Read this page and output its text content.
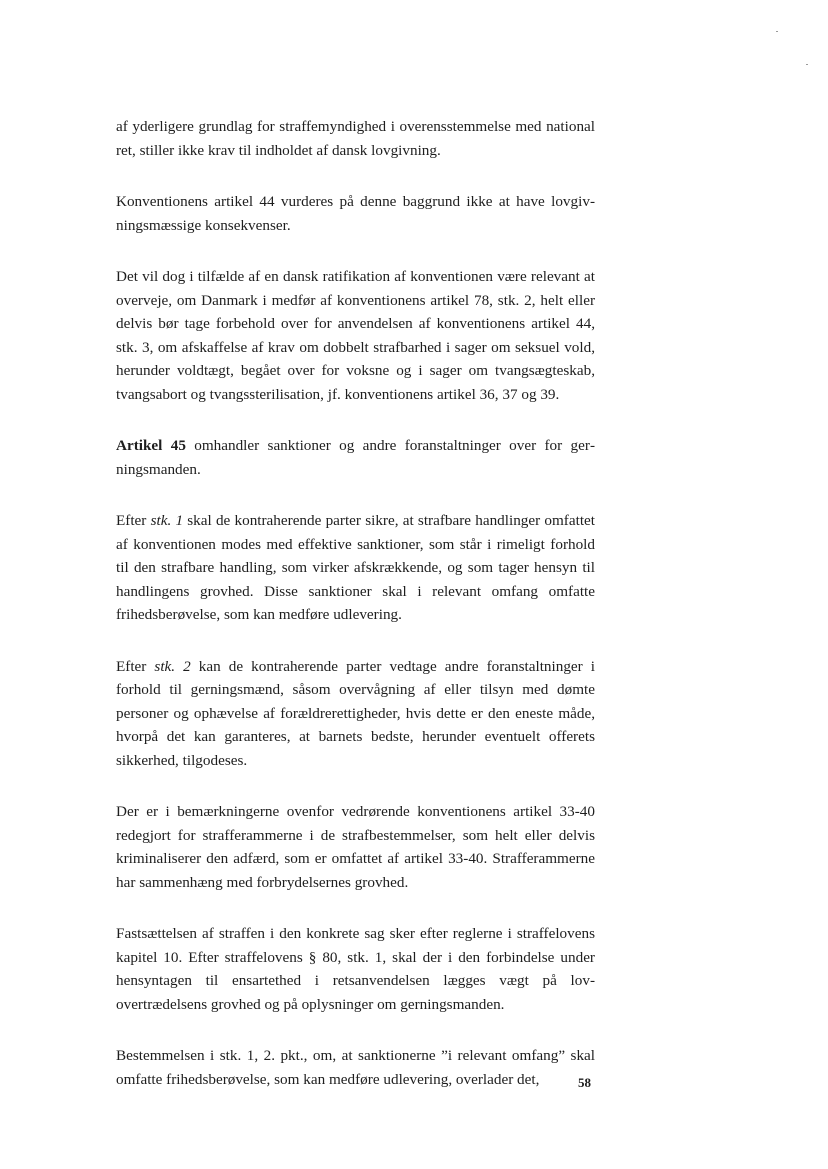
af yderligere grundlag for straffemyndighed i overensstemmelse med national ret, stiller ikke krav til indholdet af dansk lovgivning.

Konventionens artikel 44 vurderes på denne baggrund ikke at have lovgivningsmæssige konsekvenser.

Det vil dog i tilfælde af en dansk ratifikation af konventionen være relevant at overveje, om Danmark i medfør af konventionens artikel 78, stk. 2, helt eller delvis bør tage forbehold over for anvendelsen af konventionens artikel 44, stk. 3, om afskaffelse af krav om dobbelt strafbarhed i sager om seksuel vold, herunder voldtægt, begået over for voksne og i sager om tvangsægteskab, tvangsabort og tvangssterilisation, jf. konventionens artikel 36, 37 og 39.

Artikel 45 omhandler sanktioner og andre foranstaltninger over for gerningsmanden.

Efter stk. 1 skal de kontraherende parter sikre, at strafbare handlinger omfattet af konventionen modes med effektive sanktioner, som står i rimeligt forhold til den strafbare handling, som virker afskrækkende, og som tager hensyn til handlingens grovhed. Disse sanktioner skal i relevant omfang omfatte frihedsberøvelse, som kan medføre udlevering.

Efter stk. 2 kan de kontraherende parter vedtage andre foranstaltninger i forhold til gerningsmænd, såsom overvågning af eller tilsyn med dømte personer og ophævelse af forældrerettigheder, hvis dette er den eneste måde, hvorpå det kan garanteres, at barnets bedste, herunder eventuelt offerets sikkerhed, tilgodeses.

Der er i bemærkningerne ovenfor vedrørende konventionens artikel 33-40 redegjort for strafferammerne i de strafbestemmelser, som helt eller delvis kriminaliserer den adfærd, som er omfattet af artikel 33-40. Strafferammerne har sammenhæng med forbrydelsernes grovhed.

Fastsættelsen af straffen i den konkrete sag sker efter reglerne i straffelovens kapitel 10. Efter straffelovens § 80, stk. 1, skal der i den forbindelse under hensyntagen til ensartethed i retsanvendelsen lægges vægt på lovovertrædelsens grovhed og på oplysninger om gerningsmanden.

Bestemmelsen i stk. 1, 2. pkt., om, at sanktionerne ”i relevant omfang” skal omfatte frihedsberøvelse, som kan medføre udlevering, overlader det,	58
